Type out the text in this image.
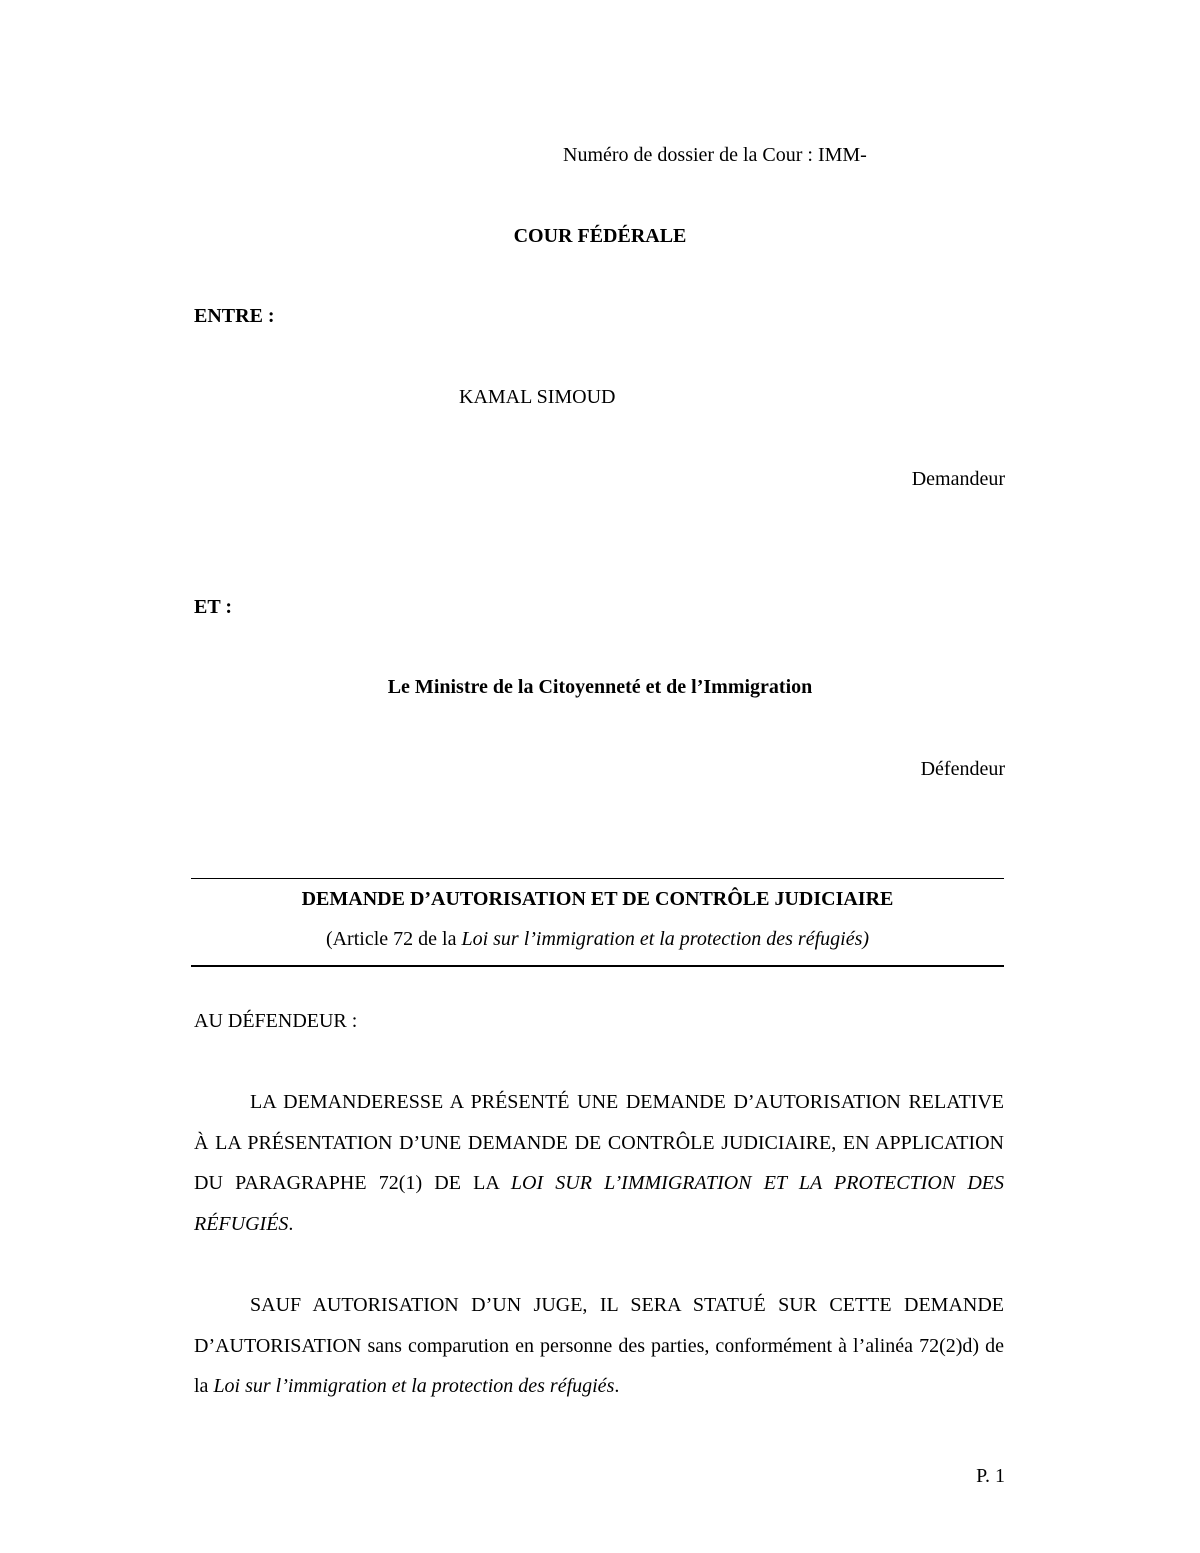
Numéro de dossier de la Cour : IMM-
COUR FÉDÉRALE
ENTRE :
KAMAL SIMOUD
Demandeur
ET :
Le Ministre de la Citoyenneté et de l’Immigration
Défendeur
DEMANDE D’AUTORISATION ET DE CONTRÔLE JUDICIAIRE
(Article 72 de la Loi sur l’immigration et la protection des réfugiés)
AU DÉFENDEUR :
LA DEMANDERESSE A PRÉSENTÉ UNE DEMANDE D’AUTORISATION RELATIVE À LA PRÉSENTATION D’UNE DEMANDE DE CONTRÔLE JUDICIAIRE, EN APPLICATION DU PARAGRAPHE 72(1) DE LA LOI SUR L’IMMIGRATION ET LA PROTECTION DES RÉFUGIÉS.
SAUF AUTORISATION D’UN JUGE, IL SERA STATUÉ SUR CETTE DEMANDE D’AUTORISATION sans comparution en personne des parties, conformément à l’alinéa 72(2)d) de la Loi sur l’immigration et la protection des réfugiés.
P. 1
